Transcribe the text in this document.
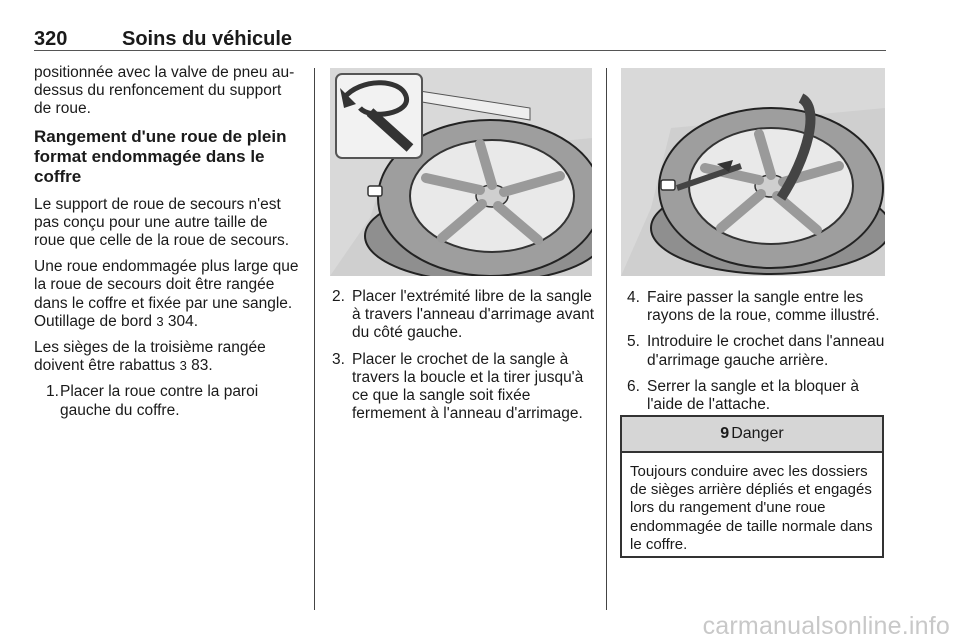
320	Soins du véhicule

positionnée avec la valve de pneu au-dessus du renfoncement du support de roue.

Rangement d'une roue de plein format endommagée dans le coffre

Le support de roue de secours n'est pas conçu pour une autre taille de roue que celle de la roue de secours.

Une roue endommagée plus large que la roue de secours doit être rangée dans le coffre et fixée par une sangle. Outillage de bord 3 304.

Les sièges de la troisième rangée doivent être rabattus 3 83.

1. Placer la roue contre la paroi gauche du coffre.
2. Placer l'extrémité libre de la sangle à travers l'anneau d'arrimage avant du côté gauche.
3. Placer le crochet de la sangle à travers la boucle et la tirer jusqu'à ce que la sangle soit fixée fermement à l'anneau d'arrimage.
4. Faire passer la sangle entre les rayons de la roue, comme illustré.
5. Introduire le crochet dans l'anneau d'arrimage gauche arrière.
6. Serrer la sangle et la bloquer à l'aide de l'attache.
9 Danger
Toujours conduire avec les dossiers de sièges arrière dépliés et engagés lors du rangement d'une roue endommagée de taille normale dans le coffre.
carmanualsonline.info
